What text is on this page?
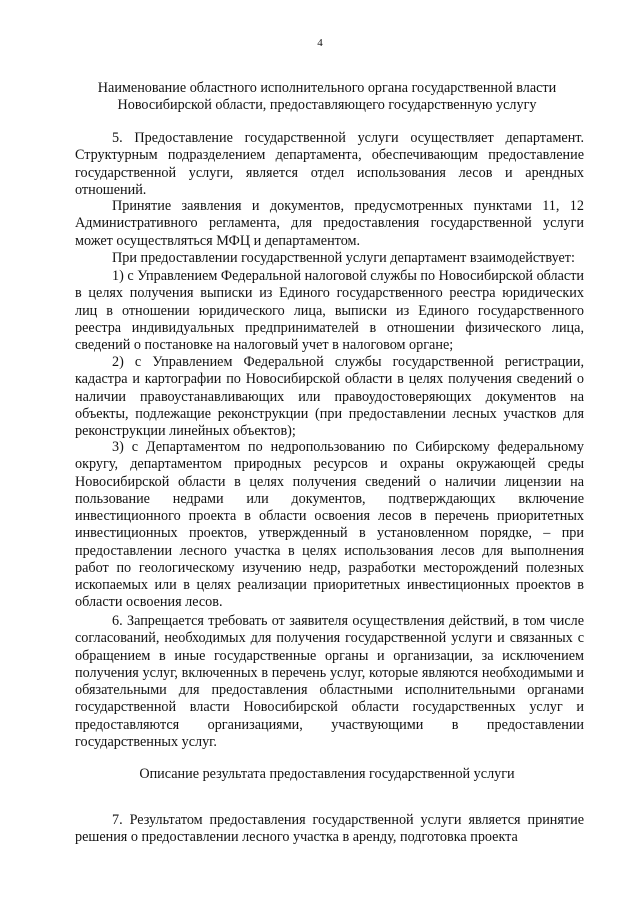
4
Наименование областного исполнительного органа государственной власти Новосибирской области, предоставляющего государственную услугу

5. Предоставление государственной услуги осуществляет департамент. Структурным подразделением департамента, обеспечивающим предоставление государственной услуги, является отдел использования лесов и арендных отношений.

Принятие заявления и документов, предусмотренных пунктами 11, 12 Административного регламента, для предоставления государственной услуги может осуществляться МФЦ и департаментом.

При предоставлении государственной услуги департамент взаимодействует:

1) с Управлением Федеральной налоговой службы по Новосибирской области в целях получения выписки из Единого государственного реестра юридических лиц в отношении юридического лица, выписки из Единого государственного реестра индивидуальных предпринимателей в отношении физического лица, сведений о постановке на налоговый учет в налоговом органе;

2) с Управлением Федеральной службы государственной регистрации, кадастра и картографии по Новосибирской области в целях получения сведений о наличии правоустанавливающих или правоудостоверяющих документов на объекты, подлежащие реконструкции (при предоставлении лесных участков для реконструкции линейных объектов);

3) с Департаментом по недропользованию по Сибирскому федеральному округу, департаментом природных ресурсов и охраны окружающей среды Новосибирской области в целях получения сведений о наличии лицензии на пользование недрами или документов, подтверждающих включение инвестиционного проекта в области освоения лесов в перечень приоритетных инвестиционных проектов, утвержденный в установленном порядке, – при предоставлении лесного участка в целях использования лесов для выполнения работ по геологическому изучению недр, разработки месторождений полезных ископаемых или в целях реализации приоритетных инвестиционных проектов в области освоения лесов.

6. Запрещается требовать от заявителя осуществления действий, в том числе согласований, необходимых для получения государственной услуги и связанных с обращением в иные государственные органы и организации, за исключением получения услуг, включенных в перечень услуг, которые являются необходимыми и обязательными для предоставления областными исполнительными органами государственной власти Новосибирской области государственных услуг и предоставляются организациями, участвующими в предоставлении государственных услуг.

Описание результата предоставления государственной услуги

7. Результатом предоставления государственной услуги является принятие решения о предоставлении лесного участка в аренду, подготовка проекта
